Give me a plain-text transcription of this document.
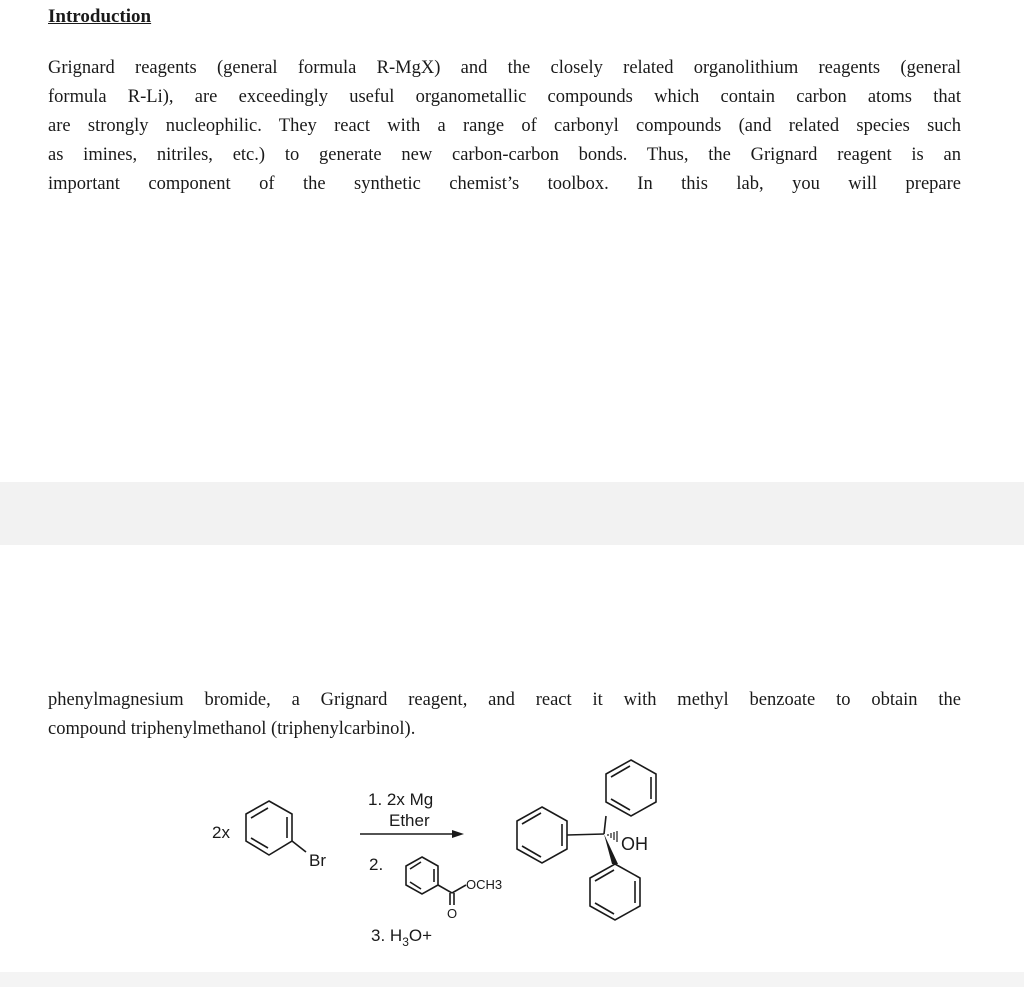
Introduction
Grignard reagents (general formula R-MgX) and the closely related organolithium reagents (general
formula R-Li), are exceedingly useful organometallic compounds which contain carbon atoms that
are strongly nucleophilic. They react with a range of carbonyl compounds (and related species such
as imines, nitriles, etc.) to generate new carbon-carbon bonds. Thus, the Grignard reagent is an
important component of the synthetic chemist’s toolbox. In this lab, you will prepare
phenylmagnesium bromide, a Grignard reagent, and react it with methyl benzoate to obtain the
compound triphenylmethanol (triphenylcarbinol).
2x
Br
1. 2x Mg
Ether
2.
OCH3
O
3. $H_3O+$
OH
